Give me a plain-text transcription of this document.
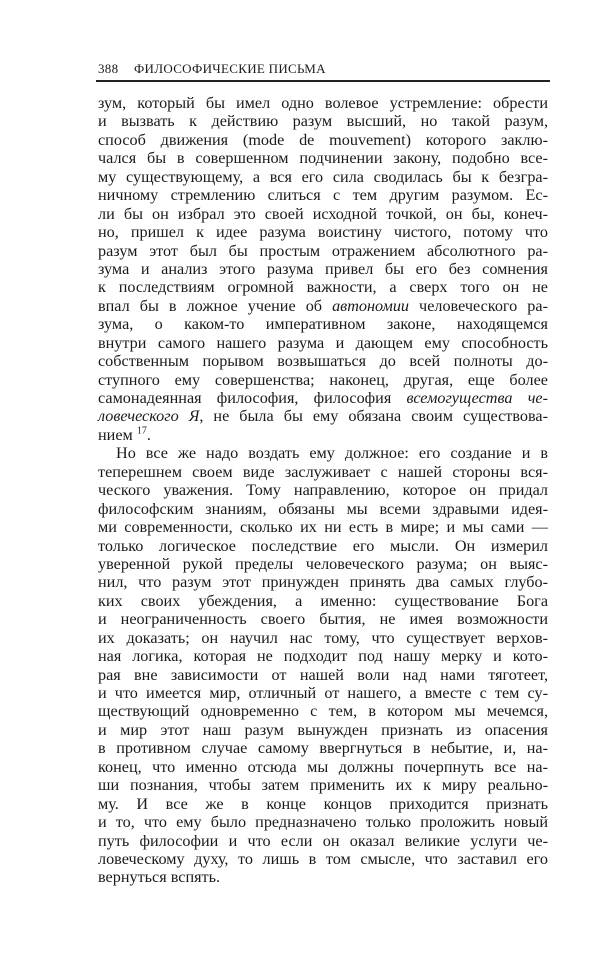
388 ФИЛОСОФИЧЕСКИЕ ПИСЬМА
зум, который бы имел одно волевое устремление: обрести
и вызвать к действию разум высший, но такой разум,
способ движения (mode de mouvement) которого заклю-
чался бы в совершенном подчинении закону, подобно все-
му существующему, а вся его сила сводилась бы к безгра-
ничному стремлению слиться с тем другим разумом. Ес-
ли бы он избрал это своей исходной точкой, он бы, конеч-
но, пришел к идее разума воистину чистого, потому что
разум этот был бы простым отражением абсолютного ра-
зума и анализ этого разума привел бы его без сомнения
к последствиям огромной важности, а сверх того он не
впал бы в ложное учение об автономии человеческого ра-
зума, о каком-то императивном законе, находящемся
внутри самого нашего разума и дающем ему способность
собственным порывом возвышаться до всей полноты до-
ступного ему совершенства; наконец, другая, еще более
самонадеянная философия, философия всемогущества че-
ловеческого Я, не была бы ему обязана своим существова-
нием $^{17}$.
Но все же надо воздать ему должное: его создание и в
теперешнем своем виде заслуживает с нашей стороны вся-
ческого уважения. Тому направлению, которое он придал
философским знаниям, обязаны мы всеми здравыми идея-
ми современности, сколько их ни есть в мире; и мы сами —
только логическое последствие его мысли. Он измерил
уверенной рукой пределы человеческого разума; он выяс-
нил, что разум этот принужден принять два самых глубо-
ких своих убеждения, а именно: существование Бога
и неограниченность своего бытия, не имея возможности
их доказать; он научил нас тому, что существует верхов-
ная логика, которая не подходит под нашу мерку и кото-
рая вне зависимости от нашей воли над нами тяготеет,
и что имеется мир, отличный от нашего, а вместе с тем су-
ществующий одновременно с тем, в котором мы мечемся,
и мир этот наш разум вынужден признать из опасения
в противном случае самому ввергнуться в небытие, и, на-
конец, что именно отсюда мы должны почерпнуть все на-
ши познания, чтобы затем применить их к миру реально-
му. И все же в конце концов приходится признать
и то, что ему было предназначено только проложить новый
путь философии и что если он оказал великие услуги че-
ловеческому духу, то лишь в том смысле, что заставил его
вернуться вспять.
